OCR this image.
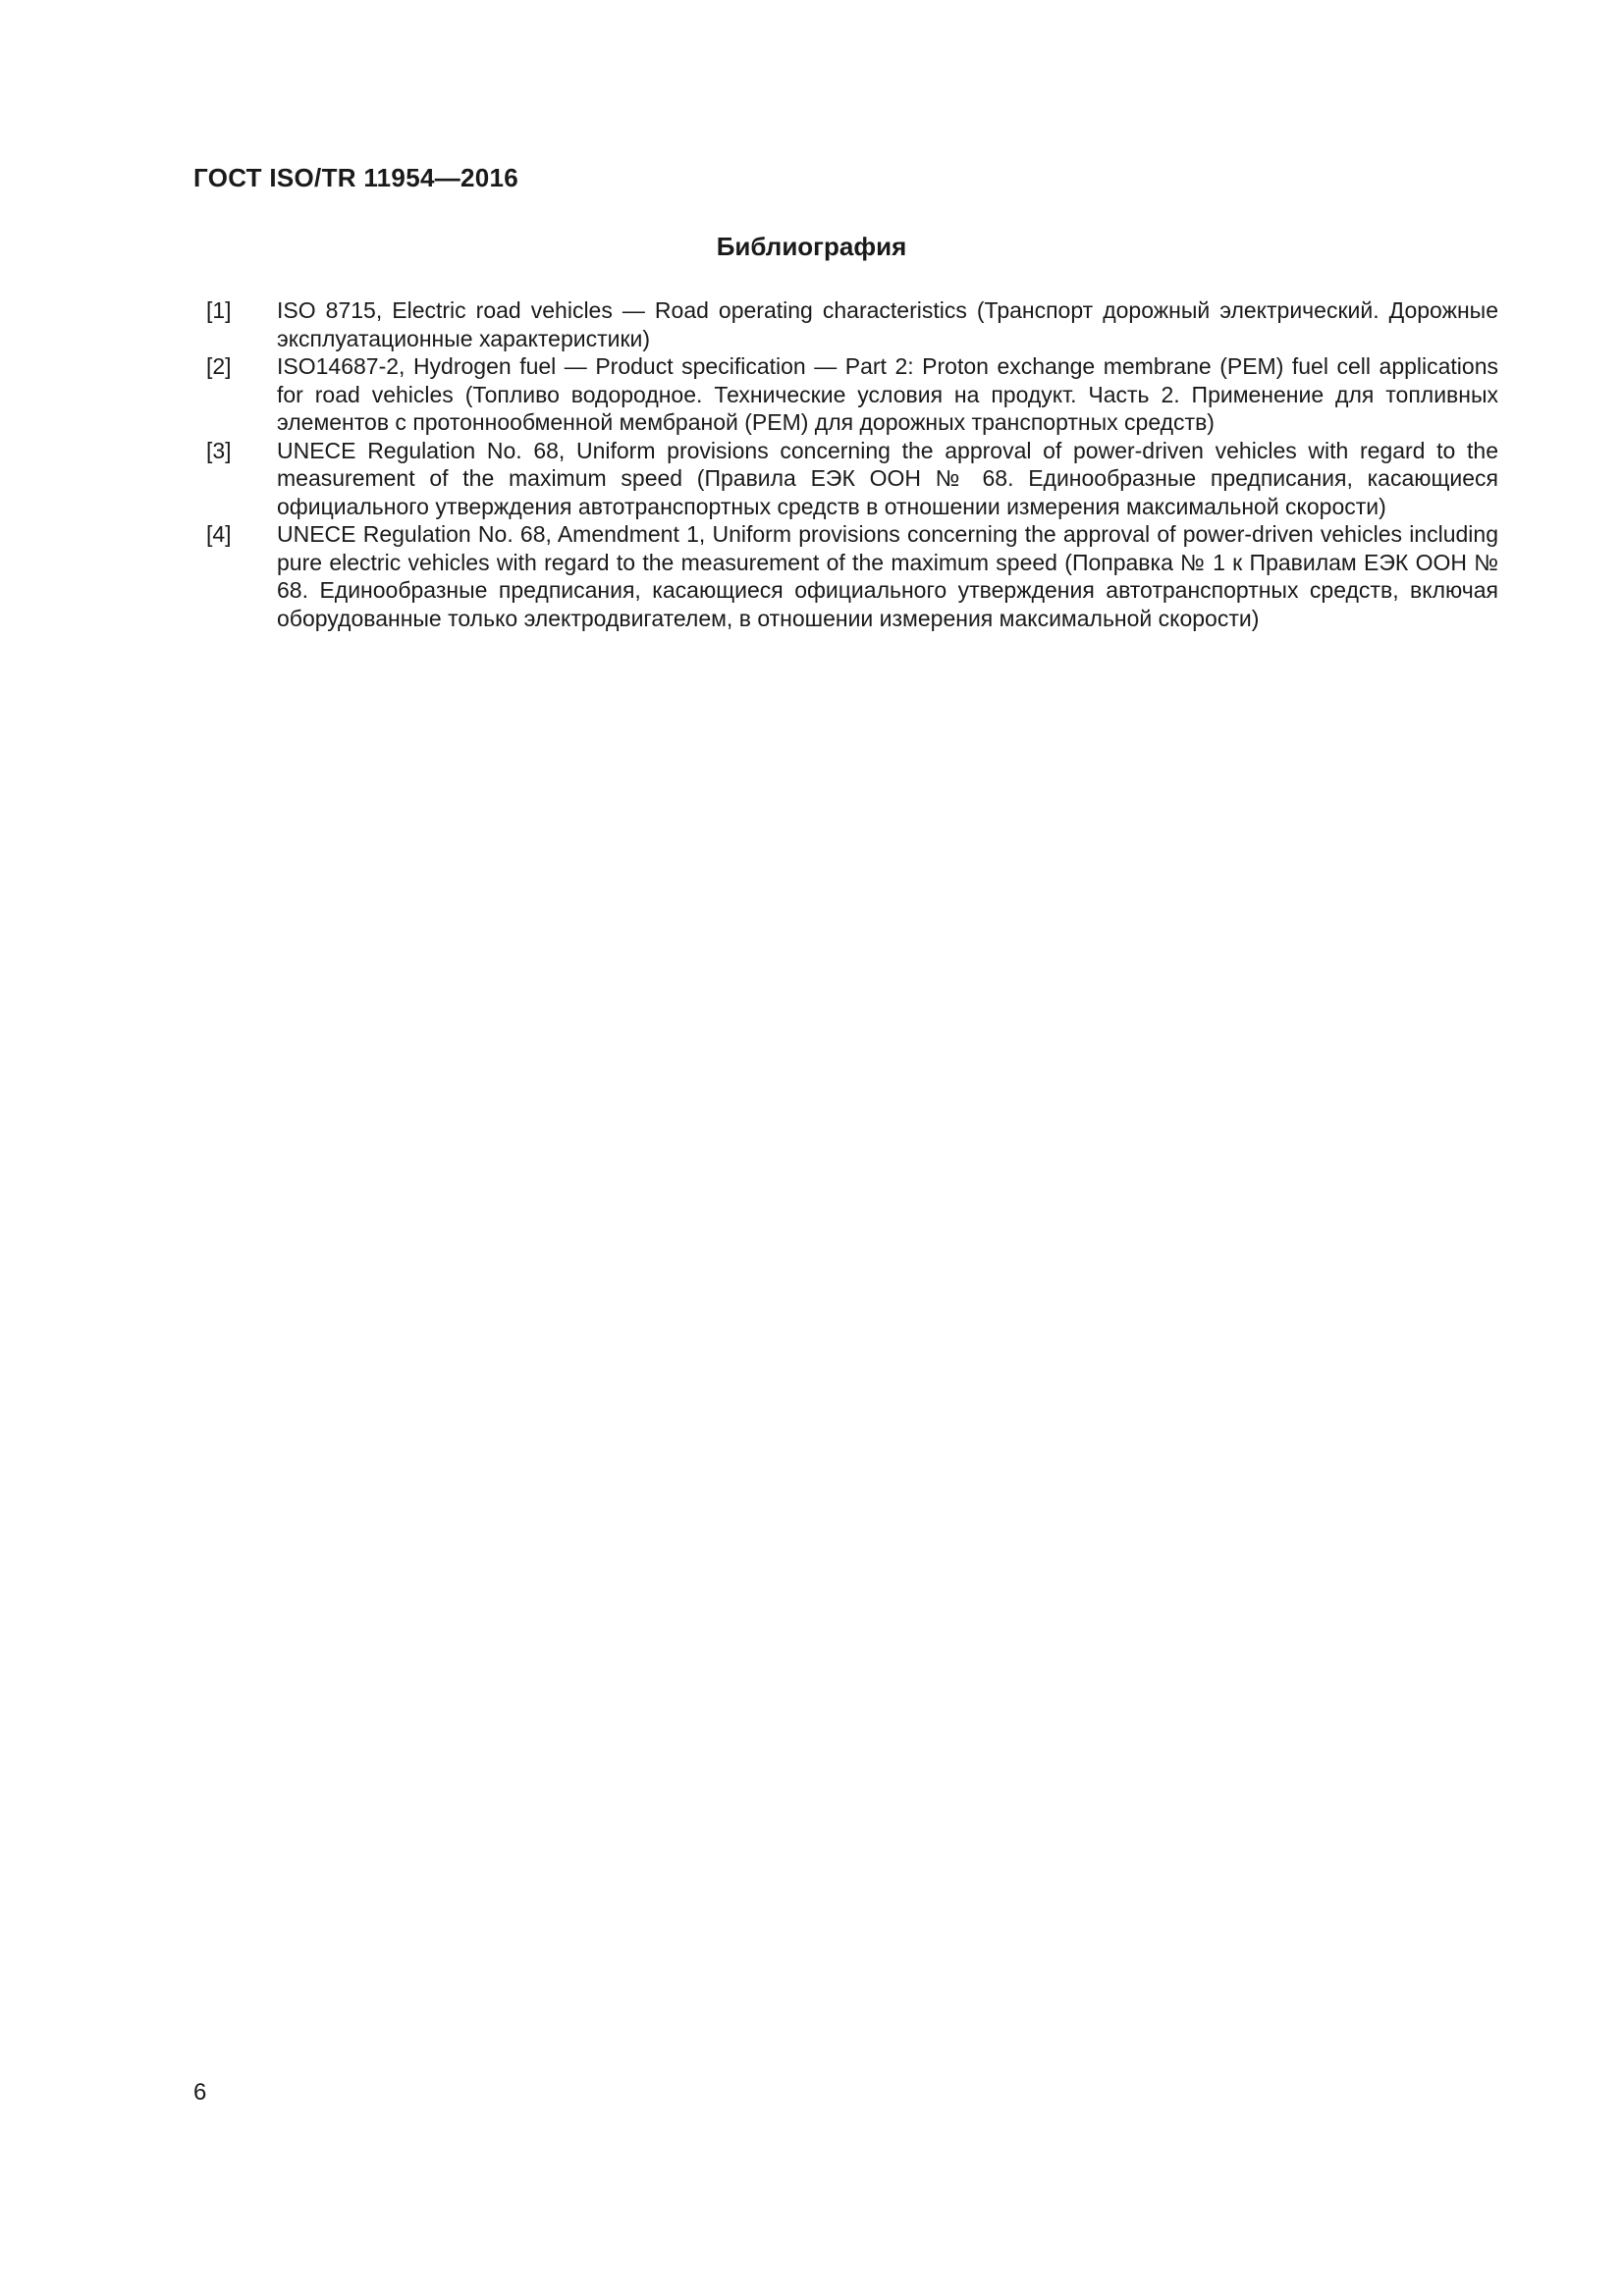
ГОСТ ISO/TR 11954—2016
Библиография
[1]	ISO 8715, Electric road vehicles — Road operating characteristics (Транспорт дорожный электрический. Дорожные эксплуатационные характеристики)
[2]	ISO14687-2, Hydrogen fuel — Product specification — Part 2: Proton exchange membrane (PEM) fuel cell applications for road vehicles (Топливо водородное. Технические условия на продукт. Часть 2. Применение для топливных элементов с протоннообменной мембраной (PEM) для дорожных транспортных средств)
[3]	UNECE Regulation No. 68, Uniform provisions concerning the approval of power-driven vehicles with regard to the measurement of the maximum speed (Правила ЕЭК ООН № 68. Единообразные предписания, касающиеся официального утверждения автотранспортных средств в отношении измерения максимальной скорости)
[4]	UNECE Regulation No. 68, Amendment 1, Uniform provisions concerning the approval of power-driven vehicles including pure electric vehicles with regard to the measurement of the maximum speed (Поправка № 1 к Правилам ЕЭК ООН № 68. Единообразные предписания, касающиеся официального утверждения автотранспортных средств, включая оборудованные только электродвигателем, в отношении измерения максимальной скорости)
6
